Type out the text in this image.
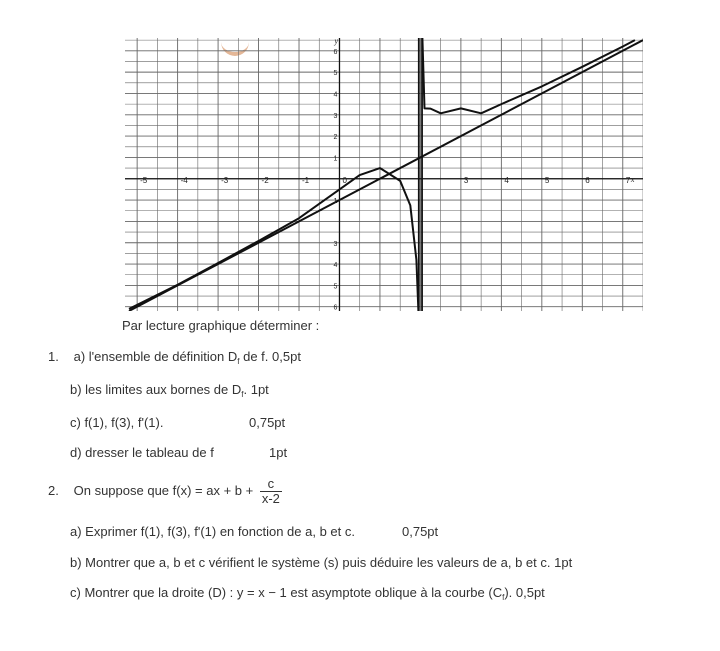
-5	-4	-3	-2	-1	0	3	4	5	6	7
6
5
4
3
2
1
1
3
4
5
6
x
y
Par lecture graphique déterminer :
1. a) l'ensemble de définition $D_f$ de f. 0,5pt
b) les limites aux bornes de $D_f$. 1pt
c) f(1), f(3), f'(1).	0,75pt
d) dresser le tableau de f	1pt
2. On suppose que f(x) = ax + $b + \frac{c}{x-2}$
a) Exprimer f(1), f(3), f'(1) en fonction de a, b et c.	0,75pt
b) Montrer que a, b et c vérifient le système (s) puis déduire les valeurs de a, b et c. 1pt
c) Montrer que la droite (D) : y = x − 1 est asymptote oblique à la courbe $(C_f)$. 0,5pt
